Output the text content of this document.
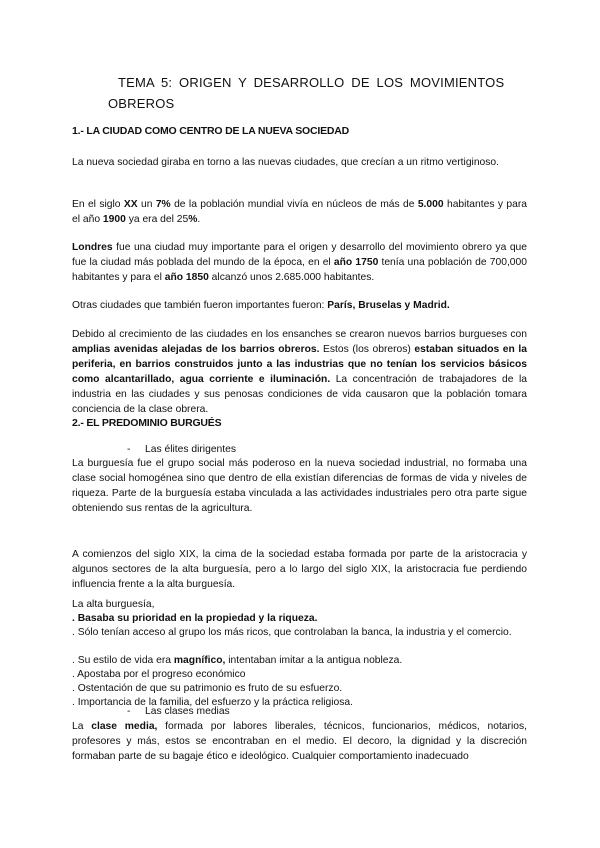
TEMA 5: ORIGEN Y DESARROLLO DE LOS MOVIMIENTOS
OBREROS
1.- LA CIUDAD COMO CENTRO DE LA NUEVA SOCIEDAD
La nueva sociedad giraba en torno a las nuevas ciudades, que crecían a un ritmo vertiginoso.
En el siglo XX un 7% de la población mundial vivía en núcleos de más de 5.000 habitantes y para el año 1900 ya era del 25%.
Londres fue una ciudad muy importante para el origen y desarrollo del movimiento obrero ya que fue la ciudad más poblada del mundo de la época, en el año 1750 tenía una población de 700,000 habitantes y para el año 1850 alcanzó unos 2.685.000 habitantes.
Otras ciudades que también fueron importantes fueron: París, Bruselas y Madrid.
Debido al crecimiento de las ciudades en los ensanches se crearon nuevos barrios burgueses con amplias avenidas alejadas de los barrios obreros. Estos (los obreros) estaban situados en la periferia, en barrios construidos junto a las industrias que no tenían los servicios básicos como alcantarillado, agua corriente e iluminación. La concentración de trabajadores de la industria en las ciudades y sus penosas condiciones de vida causaron que la población tomara conciencia de la clase obrera.
2.- EL PREDOMINIO BURGUÉS
- Las élites dirigentes
La burguesía fue el grupo social más poderoso en la nueva sociedad industrial, no formaba una clase social homogénea sino que dentro de ella existían diferencias de formas de vida y niveles de riqueza. Parte de la burguesía estaba vinculada a las actividades industriales pero otra parte sigue obteniendo sus rentas de la agricultura.
A comienzos del siglo XIX, la cima de la sociedad estaba formada por parte de la aristocracia y algunos sectores de la alta burguesía, pero a lo largo del siglo XIX, la aristocracia fue perdiendo influencia frente a la alta burguesía.
La alta burguesía,
. Basaba su prioridad en la propiedad y la riqueza.
. Sólo tenían acceso al grupo los más ricos, que controlaban la banca, la industria y el comercio.
. Su estilo de vida era magnífico, intentaban imitar a la antigua nobleza.
. Apostaba por el progreso económico
. Ostentación de que su patrimonio es fruto de su esfuerzo.
. Importancia de la familia, del esfuerzo y la práctica religiosa.
- Las clases medias
La clase media, formada por labores liberales, técnicos, funcionarios, médicos, notarios, profesores y más, estos se encontraban en el medio. El decoro, la dignidad y la discreción formaban parte de su bagaje ético e ideológico. Cualquier comportamiento inadecuado
